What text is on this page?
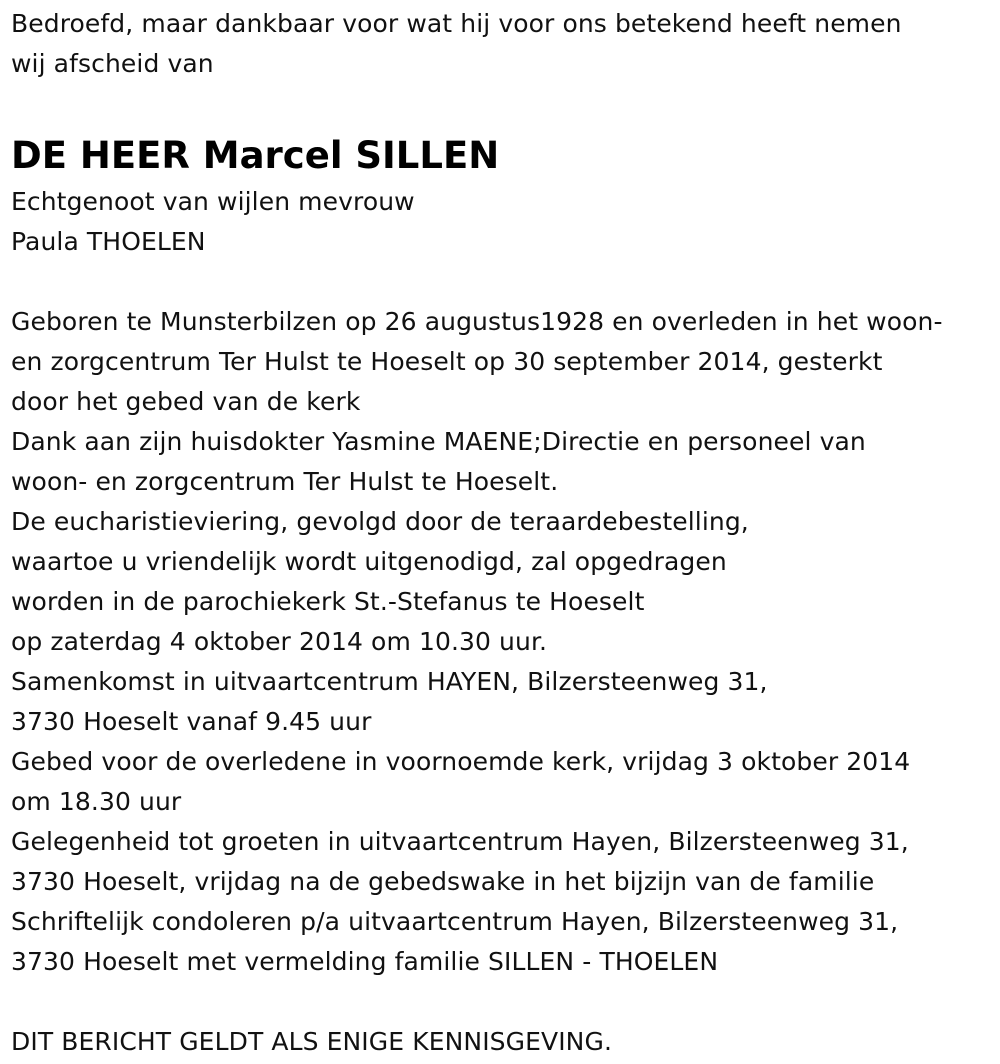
Bedroefd, maar dankbaar voor wat hij voor ons betekend heeft nemen
wij afscheid van
DE HEER Marcel SILLEN
Echtgenoot van wijlen mevrouw
Paula THOELEN
Geboren te Munsterbilzen op 26 augustus1928 en overleden in het woon-
en zorgcentrum Ter Hulst te Hoeselt op 30 september 2014, gesterkt
door het gebed van de kerk
Dank aan zijn huisdokter Yasmine MAENE;Directie en personeel van
woon- en zorgcentrum Ter Hulst te Hoeselt.
De eucharistieviering, gevolgd door de teraardebestelling,
waartoe u vriendelijk wordt uitgenodigd, zal opgedragen
worden in de parochiekerk St.-Stefanus te Hoeselt
op zaterdag 4 oktober 2014 om 10.30 uur.
Samenkomst in uitvaartcentrum HAYEN, Bilzersteenweg 31,
3730 Hoeselt vanaf 9.45 uur
Gebed voor de overledene in voornoemde kerk, vrijdag 3 oktober 2014
om 18.30 uur
Gelegenheid tot groeten in uitvaartcentrum Hayen, Bilzersteenweg 31,
3730 Hoeselt, vrijdag na de gebedswake in het bijzijn van de familie
Schriftelijk condoleren p/a uitvaartcentrum Hayen, Bilzersteenweg 31,
3730 Hoeselt met vermelding familie SILLEN - THOELEN
DIT BERICHT GELDT ALS ENIGE KENNISGEVING.
